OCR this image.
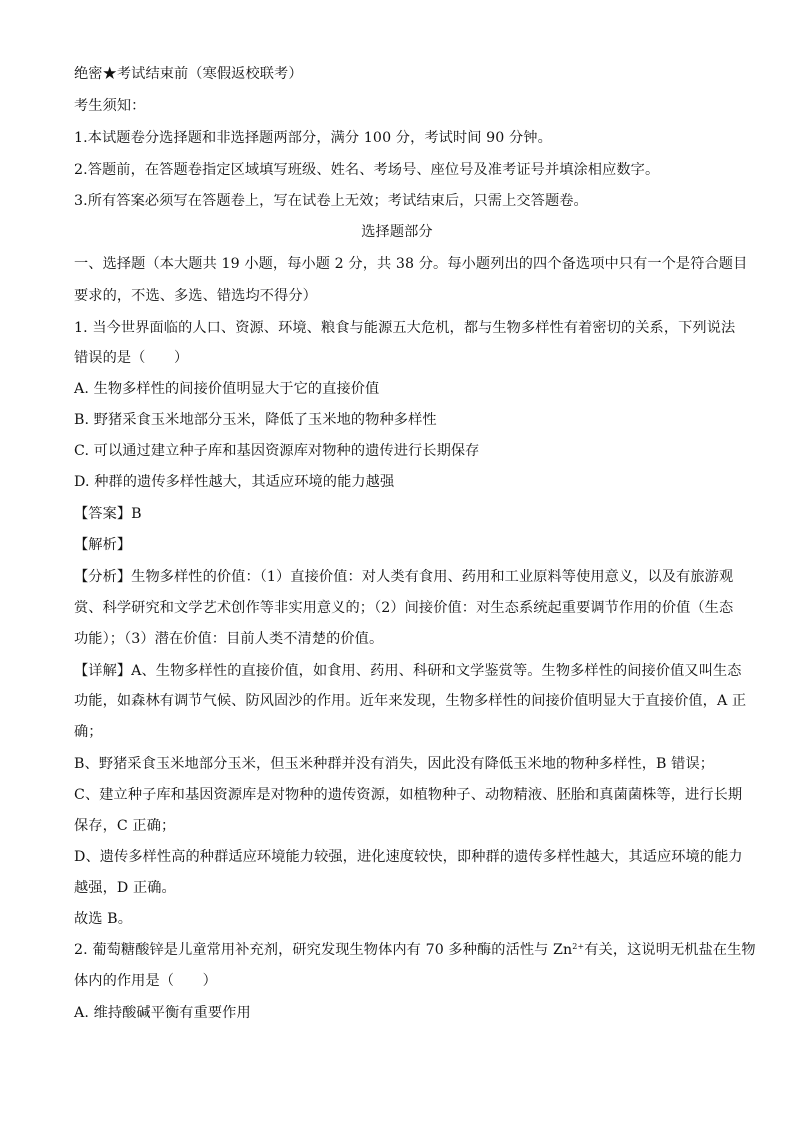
绝密★考试结束前（寒假返校联考）
考生须知：
1.本试题卷分选择题和非选择题两部分，满分 100 分，考试时间 90 分钟。
2.答题前，在答题卷指定区域填写班级、姓名、考场号、座位号及准考证号并填涂相应数字。
3.所有答案必须写在答题卷上，写在试卷上无效；考试结束后，只需上交答题卷。
选择题部分
一、选择题（本大题共 19 小题，每小题 2 分，共 38 分。每小题列出的四个备选项中只有一个是符合题目
要求的，不选、多选、错选均不得分）
1. 当今世界面临的人口、资源、环境、粮食与能源五大危机，都与生物多样性有着密切的关系，下列说法
错误的是（　　）
A. 生物多样性的间接价值明显大于它的直接价值
B. 野猪采食玉米地部分玉米，降低了玉米地的物种多样性
C. 可以通过建立种子库和基因资源库对物种的遗传进行长期保存
D. 种群的遗传多样性越大，其适应环境的能力越强
【答案】B
【解析】
【分析】生物多样性的价值：（1）直接价值：对人类有食用、药用和工业原料等使用意义，以及有旅游观
赏、科学研究和文学艺术创作等非实用意义的；（2）间接价值：对生态系统起重要调节作用的价值（生态
功能）；（3）潜在价值：目前人类不清楚的价值。
【详解】A、生物多样性的直接价值，如食用、药用、科研和文学鉴赏等。生物多样性的间接价值又叫生态
功能，如森林有调节气候、防风固沙的作用。近年来发现，生物多样性的间接价值明显大于直接价值，A 正
确；
B、野猪采食玉米地部分玉米，但玉米种群并没有消失，因此没有降低玉米地的物种多样性，B 错误；
C、建立种子库和基因资源库是对物种的遗传资源，如植物种子、动物精液、胚胎和真菌菌株等，进行长期
保存，C 正确；
D、遗传多样性高的种群适应环境能力较强，进化速度较快，即种群的遗传多样性越大，其适应环境的能力
越强，D 正确。
故选 B。
2. 葡萄糖酸锌是儿童常用补充剂，研究发现生物体内有 70 多种酶的活性与 $Zn^{2+}$有关，这说明无机盐在生物
体内的作用是（　　）
A. 维持酸碱平衡有重要作用
